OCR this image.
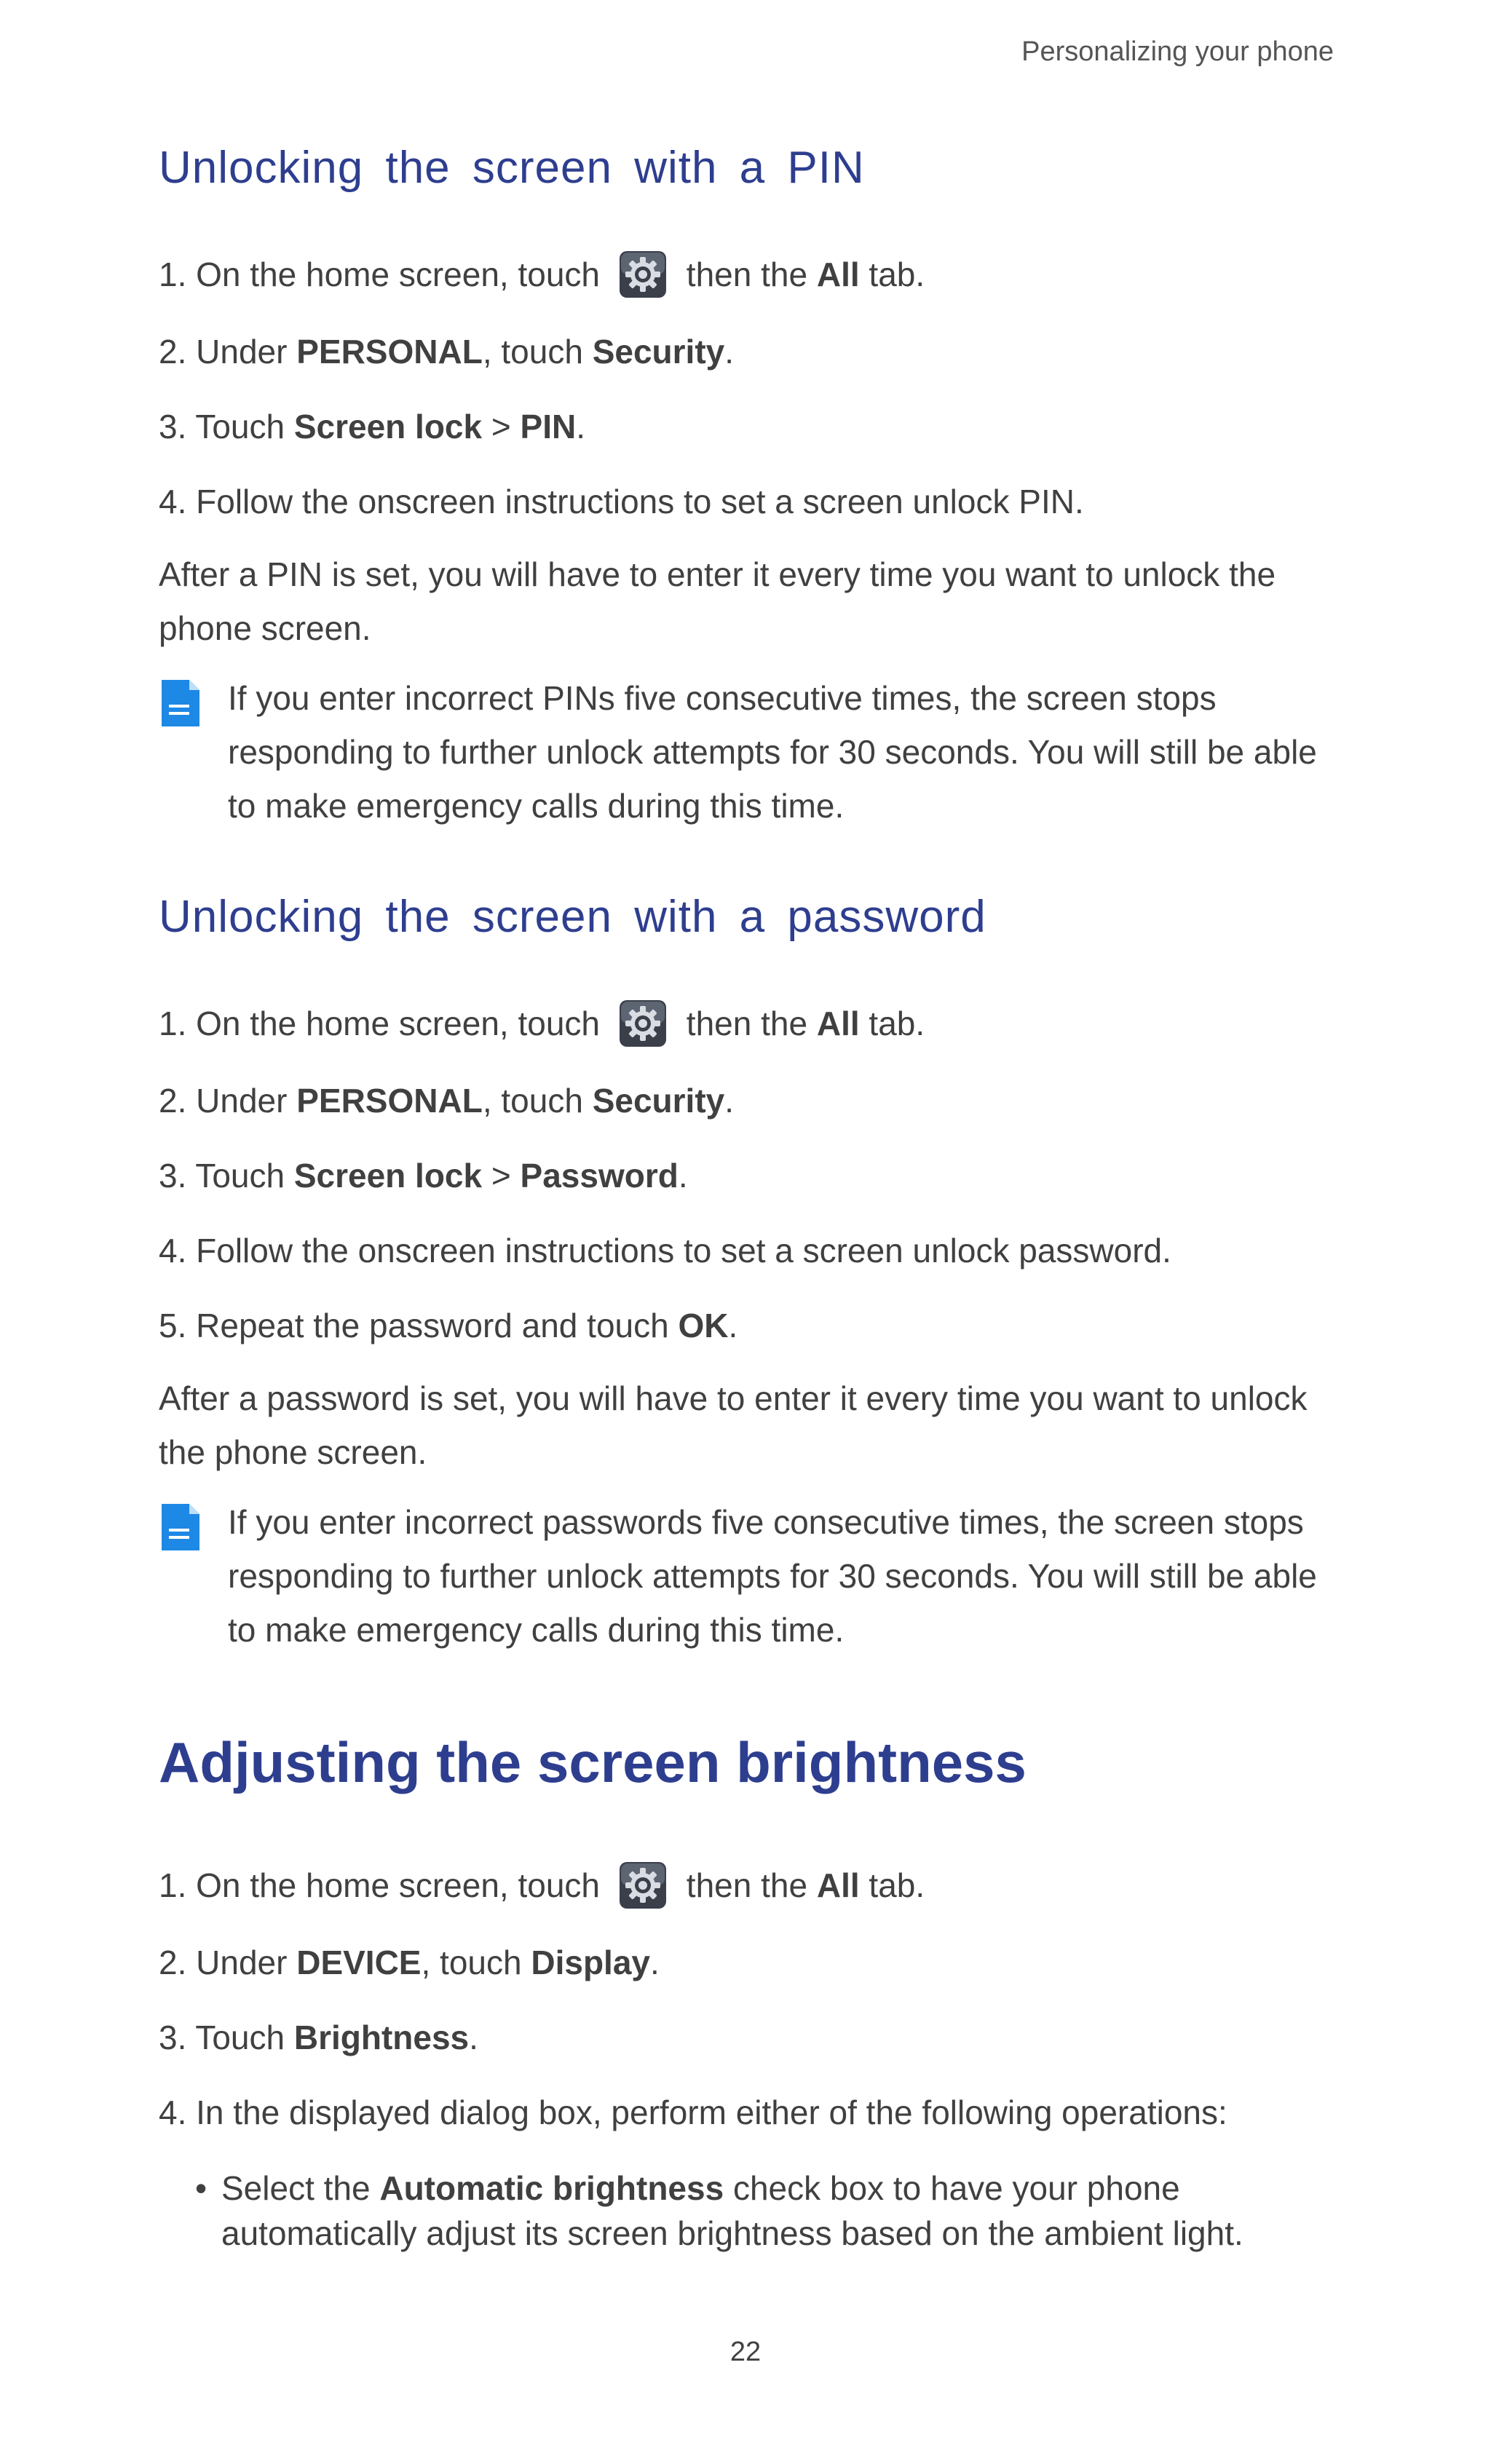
Personalizing your phone
Unlocking the screen with a PIN
1. On the home screen, touch then the All tab.
2. Under PERSONAL , touch Security .
3. Touch Screen lock > PIN .
4. Follow the onscreen instructions to set a screen unlock PIN.

After a PIN is set, you will have to enter it every time you want to unlock the phone screen.

If you enter incorrect PINs five consecutive times, the screen stops responding to further unlock attempts for 30 seconds. You will still be able to make emergency calls during this time.
Unlocking the screen with a password
1. On the home screen, touch then the All tab.
2. Under PERSONAL , touch Security .
3. Touch Screen lock > Password .
4. Follow the onscreen instructions to set a screen unlock password.
5. Repeat the password and touch OK .

After a password is set, you will have to enter it every time you want to unlock the phone screen.

If you enter incorrect passwords five consecutive times, the screen stops responding to further unlock attempts for 30 seconds. You will still be able to make emergency calls during this time.
Adjusting the screen brightness
1. On the home screen, touch then the All tab.
2. Under DEVICE , touch Display .
3. Touch Brightness .
4. In the displayed dialog box, perform either of the following operations:
• Select the Automatic brightness check box to have your phone automatically adjust its screen brightness based on the ambient light.
22
